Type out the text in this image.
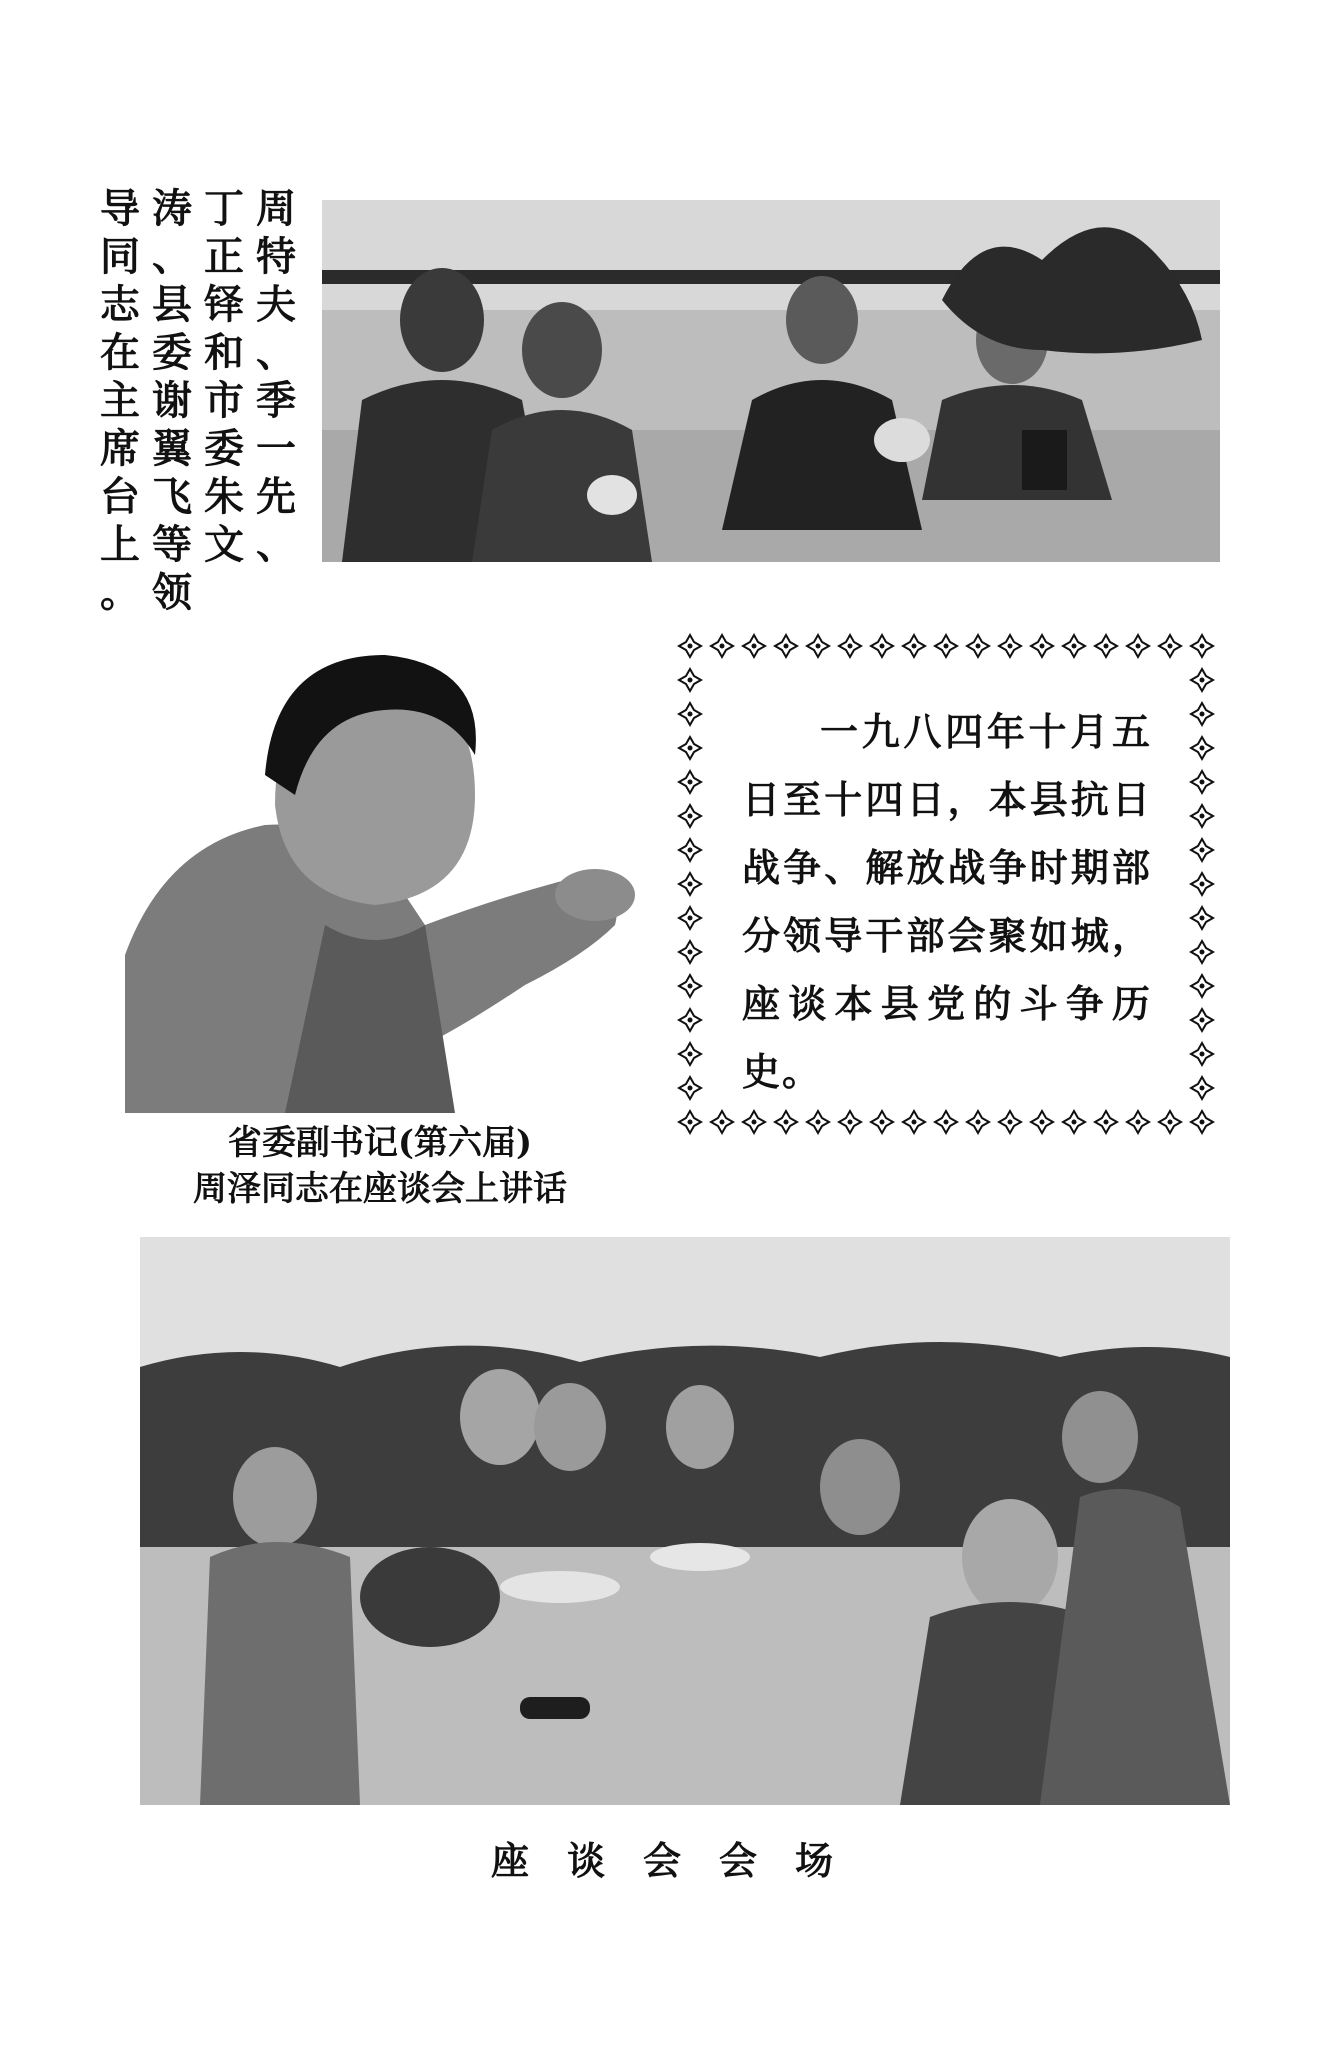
周
特
夫
、
季
一
先
、
丁
正
铎
和
市
委
朱
文
涛
、
县
委
谢
翼
飞
等
领
导
同
志
在
主
席
台
上
。
一九八四年十月五日至十四日，本县抗日战争、解放战争时期部分领导干部会聚如城，座谈本县党的斗争历史。
省委副书记(第六届)
周泽同志在座谈会上讲话
座谈会会场
